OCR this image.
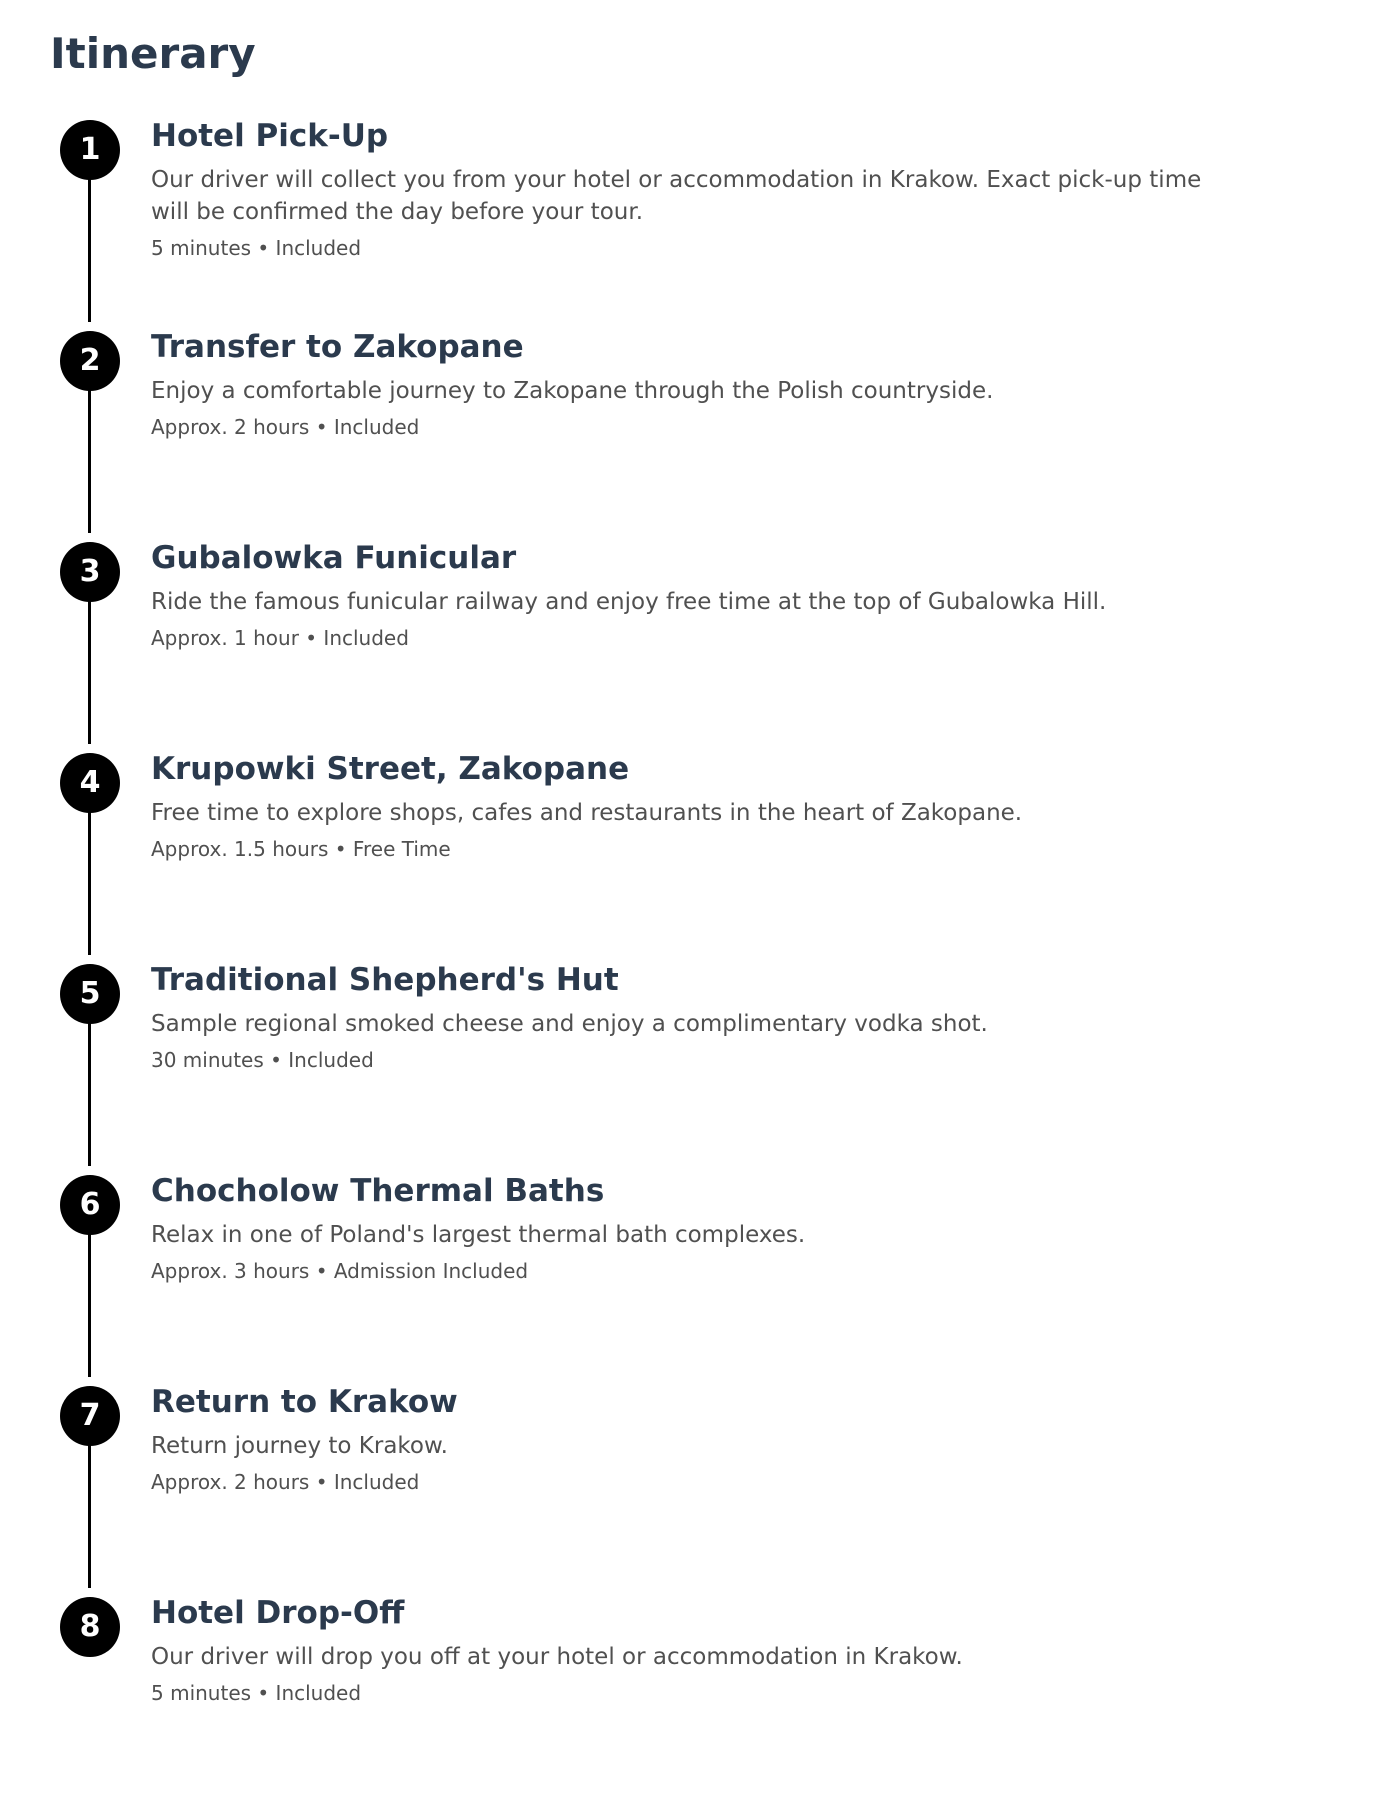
Itinerary
1	Hotel Pick-Up

Our driver will collect you from your hotel or accommodation in Krakow. Exact pick-up time will be confirmed the day before your tour.

5 minutes • Included

2	Transfer to Zakopane

Enjoy a comfortable journey to Zakopane through the Polish countryside.

Approx. 2 hours • Included

3	Gubalowka Funicular

Ride the famous funicular railway and enjoy free time at the top of Gubalowka Hill.

Approx. 1 hour • Included

4	Krupowki Street, Zakopane

Free time to explore shops, cafes and restaurants in the heart of Zakopane.

Approx. 1.5 hours • Free Time

5	Traditional Shepherd's Hut

Sample regional smoked cheese and enjoy a complimentary vodka shot.

30 minutes • Included

6	Chocholow Thermal Baths

Relax in one of Poland's largest thermal bath complexes.

Approx. 3 hours • Admission Included

7	Return to Krakow

Return journey to Krakow.

Approx. 2 hours • Included

8	Hotel Drop-Off

Our driver will drop you off at your hotel or accommodation in Krakow.

5 minutes • Included
